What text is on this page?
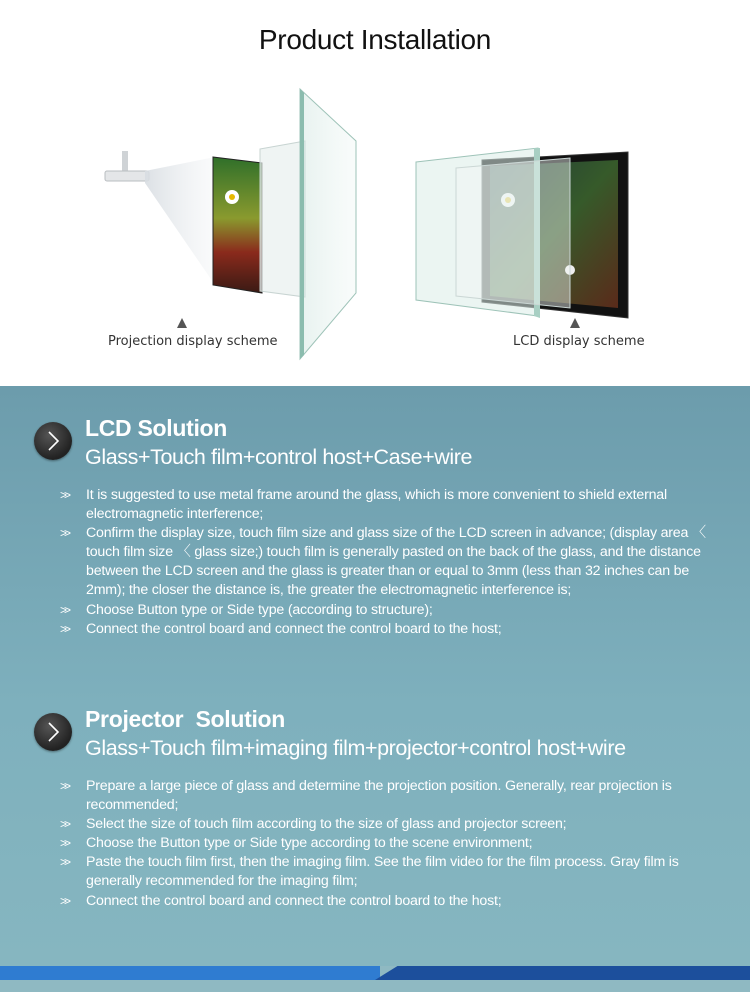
Product Installation
Projection display scheme	LCD display scheme
LCD Solution
Glass+Touch film+control host+Case+wire
>> It is suggested to use metal frame around the glass, which is more convenient to shield external electromagnetic interference;
>> Confirm the display size, touch film size and glass size of the LCD screen in advance; (display area 〈 touch film size 〈 glass size;) touch film is generally pasted on the back of the glass, and the distance between the LCD screen and the glass is greater than or equal to 3mm (less than 32 inches can be 2mm); the closer the distance is, the greater the electromagnetic interference is;
>> Choose Button type or Side type (according to structure);
>> Connect the control board and connect the control board to the host;
Projector  Solution
Glass+Touch film+imaging film+projector+control host+wire
>> Prepare a large piece of glass and determine the projection position. Generally, rear projection is recommended;
>> Select the size of touch film according to the size of glass and projector screen;
>> Choose the Button type or Side type according to the scene environment;
>> Paste the touch film first, then the imaging film. See the film video for the film process. Gray film is generally recommended for the imaging film;
>> Connect the control board and connect the control board to the host;
